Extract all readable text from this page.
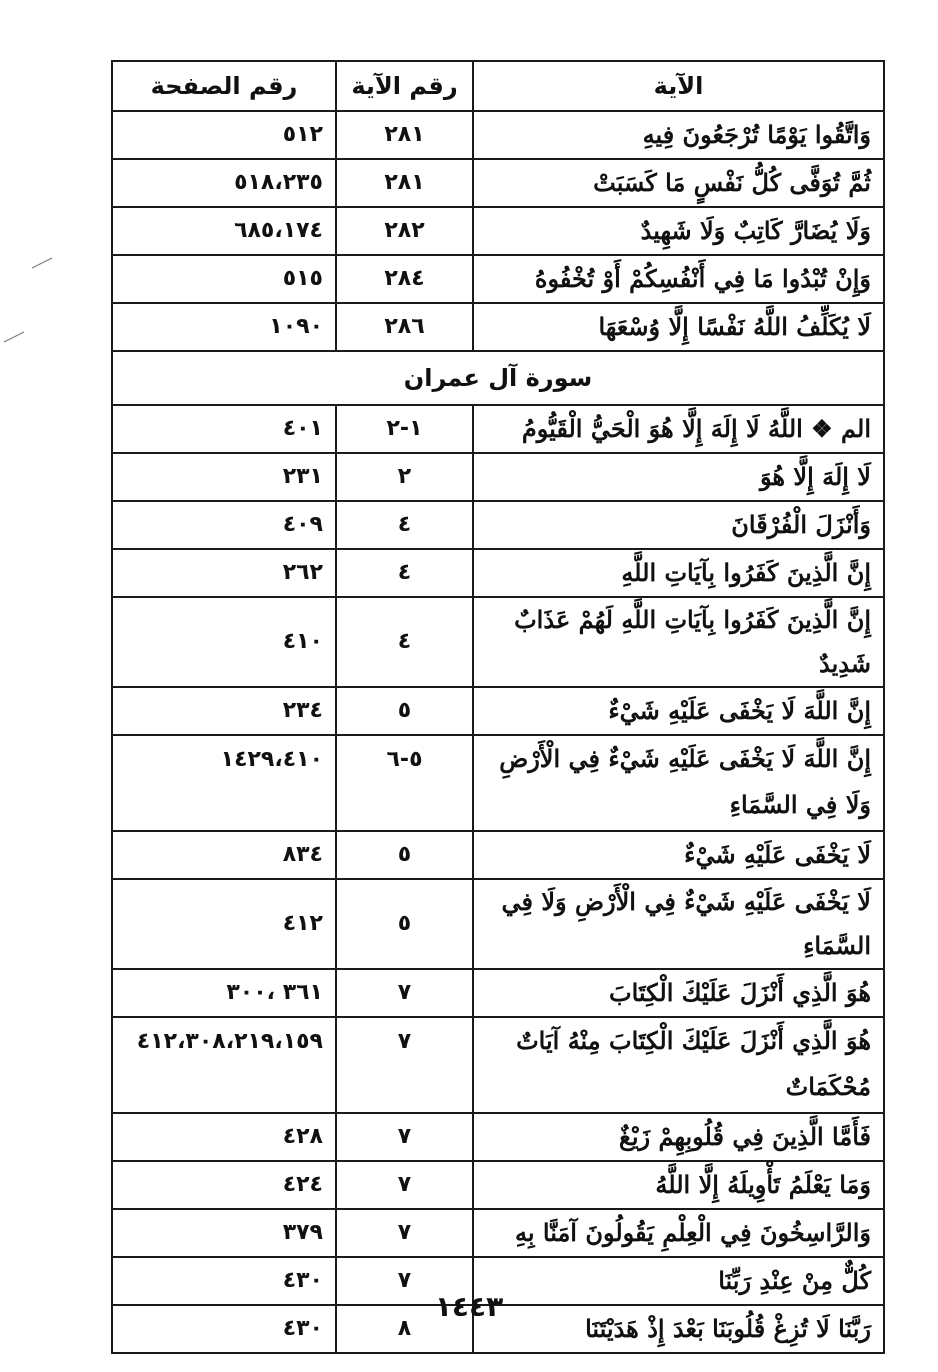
الآية	رقم الآية	رقم الصفحة
وَاتَّقُوا يَوْمًا تُرْجَعُونَ فِيهِ	٢٨١	٥١٢
ثُمَّ تُوَفَّى كُلُّ نَفْسٍ مَا كَسَبَتْ	٢٨١	٥١٨،٢٣٥
وَلَا يُضَارَّ كَاتِبٌ وَلَا شَهِيدٌ	٢٨٢	٦٨٥،١٧٤
وَإِنْ تُبْدُوا مَا فِي أَنْفُسِكُمْ أَوْ تُخْفُوهُ	٢٨٤	٥١٥
لَا يُكَلِّفُ اللَّهُ نَفْسًا إِلَّا وُسْعَهَا	٢٨٦	١٠٩٠
سورة آل عمران		
الم ❖ اللَّهُ لَا إِلَهَ إِلَّا هُوَ الْحَيُّ الْقَيُّومُ	١-٢	٤٠١
لَا إِلَهَ إِلَّا هُوَ	٢	٢٣١
وَأَنْزَلَ الْفُرْقَانَ	٤	٤٠٩
إِنَّ الَّذِينَ كَفَرُوا بِآيَاتِ اللَّهِ	٤	٢٦٢
إِنَّ الَّذِينَ كَفَرُوا بِآيَاتِ اللَّهِ لَهُمْ عَذَابٌ شَدِيدٌ	٤	٤١٠
إِنَّ اللَّهَ لَا يَخْفَى عَلَيْهِ شَيْءٌ	٥	٢٣٤
إِنَّ اللَّهَ لَا يَخْفَى عَلَيْهِ شَيْءٌ فِي الْأَرْضِ وَلَا فِي السَّمَاءِ	٥-٦	١٤٢٩،٤١٠
لَا يَخْفَى عَلَيْهِ شَيْءٌ	٥	٨٣٤
لَا يَخْفَى عَلَيْهِ شَيْءٌ فِي الْأَرْضِ وَلَا فِي السَّمَاءِ	٥	٤١٢
هُوَ الَّذِي أَنْزَلَ عَلَيْكَ الْكِتَابَ	٧	٣٦١ ،٣٠٠
هُوَ الَّذِي أَنْزَلَ عَلَيْكَ الْكِتَابَ مِنْهُ آيَاتٌ مُحْكَمَاتٌ	٧	٤١٢،٣٠٨،٢١٩،١٥٩
فَأَمَّا الَّذِينَ فِي قُلُوبِهِمْ زَيْغٌ	٧	٤٢٨
وَمَا يَعْلَمُ تَأْوِيلَهُ إِلَّا اللَّهُ	٧	٤٢٤
وَالرَّاسِخُونَ فِي الْعِلْمِ يَقُولُونَ آمَنَّا بِهِ	٧	٣٧٩
كُلٌّ مِنْ عِنْدِ رَبِّنَا	٧	٤٣٠
رَبَّنَا لَا تُزِغْ قُلُوبَنَا بَعْدَ إِذْ هَدَيْتَنَا	٨	٤٣٠
١٤٤٣
